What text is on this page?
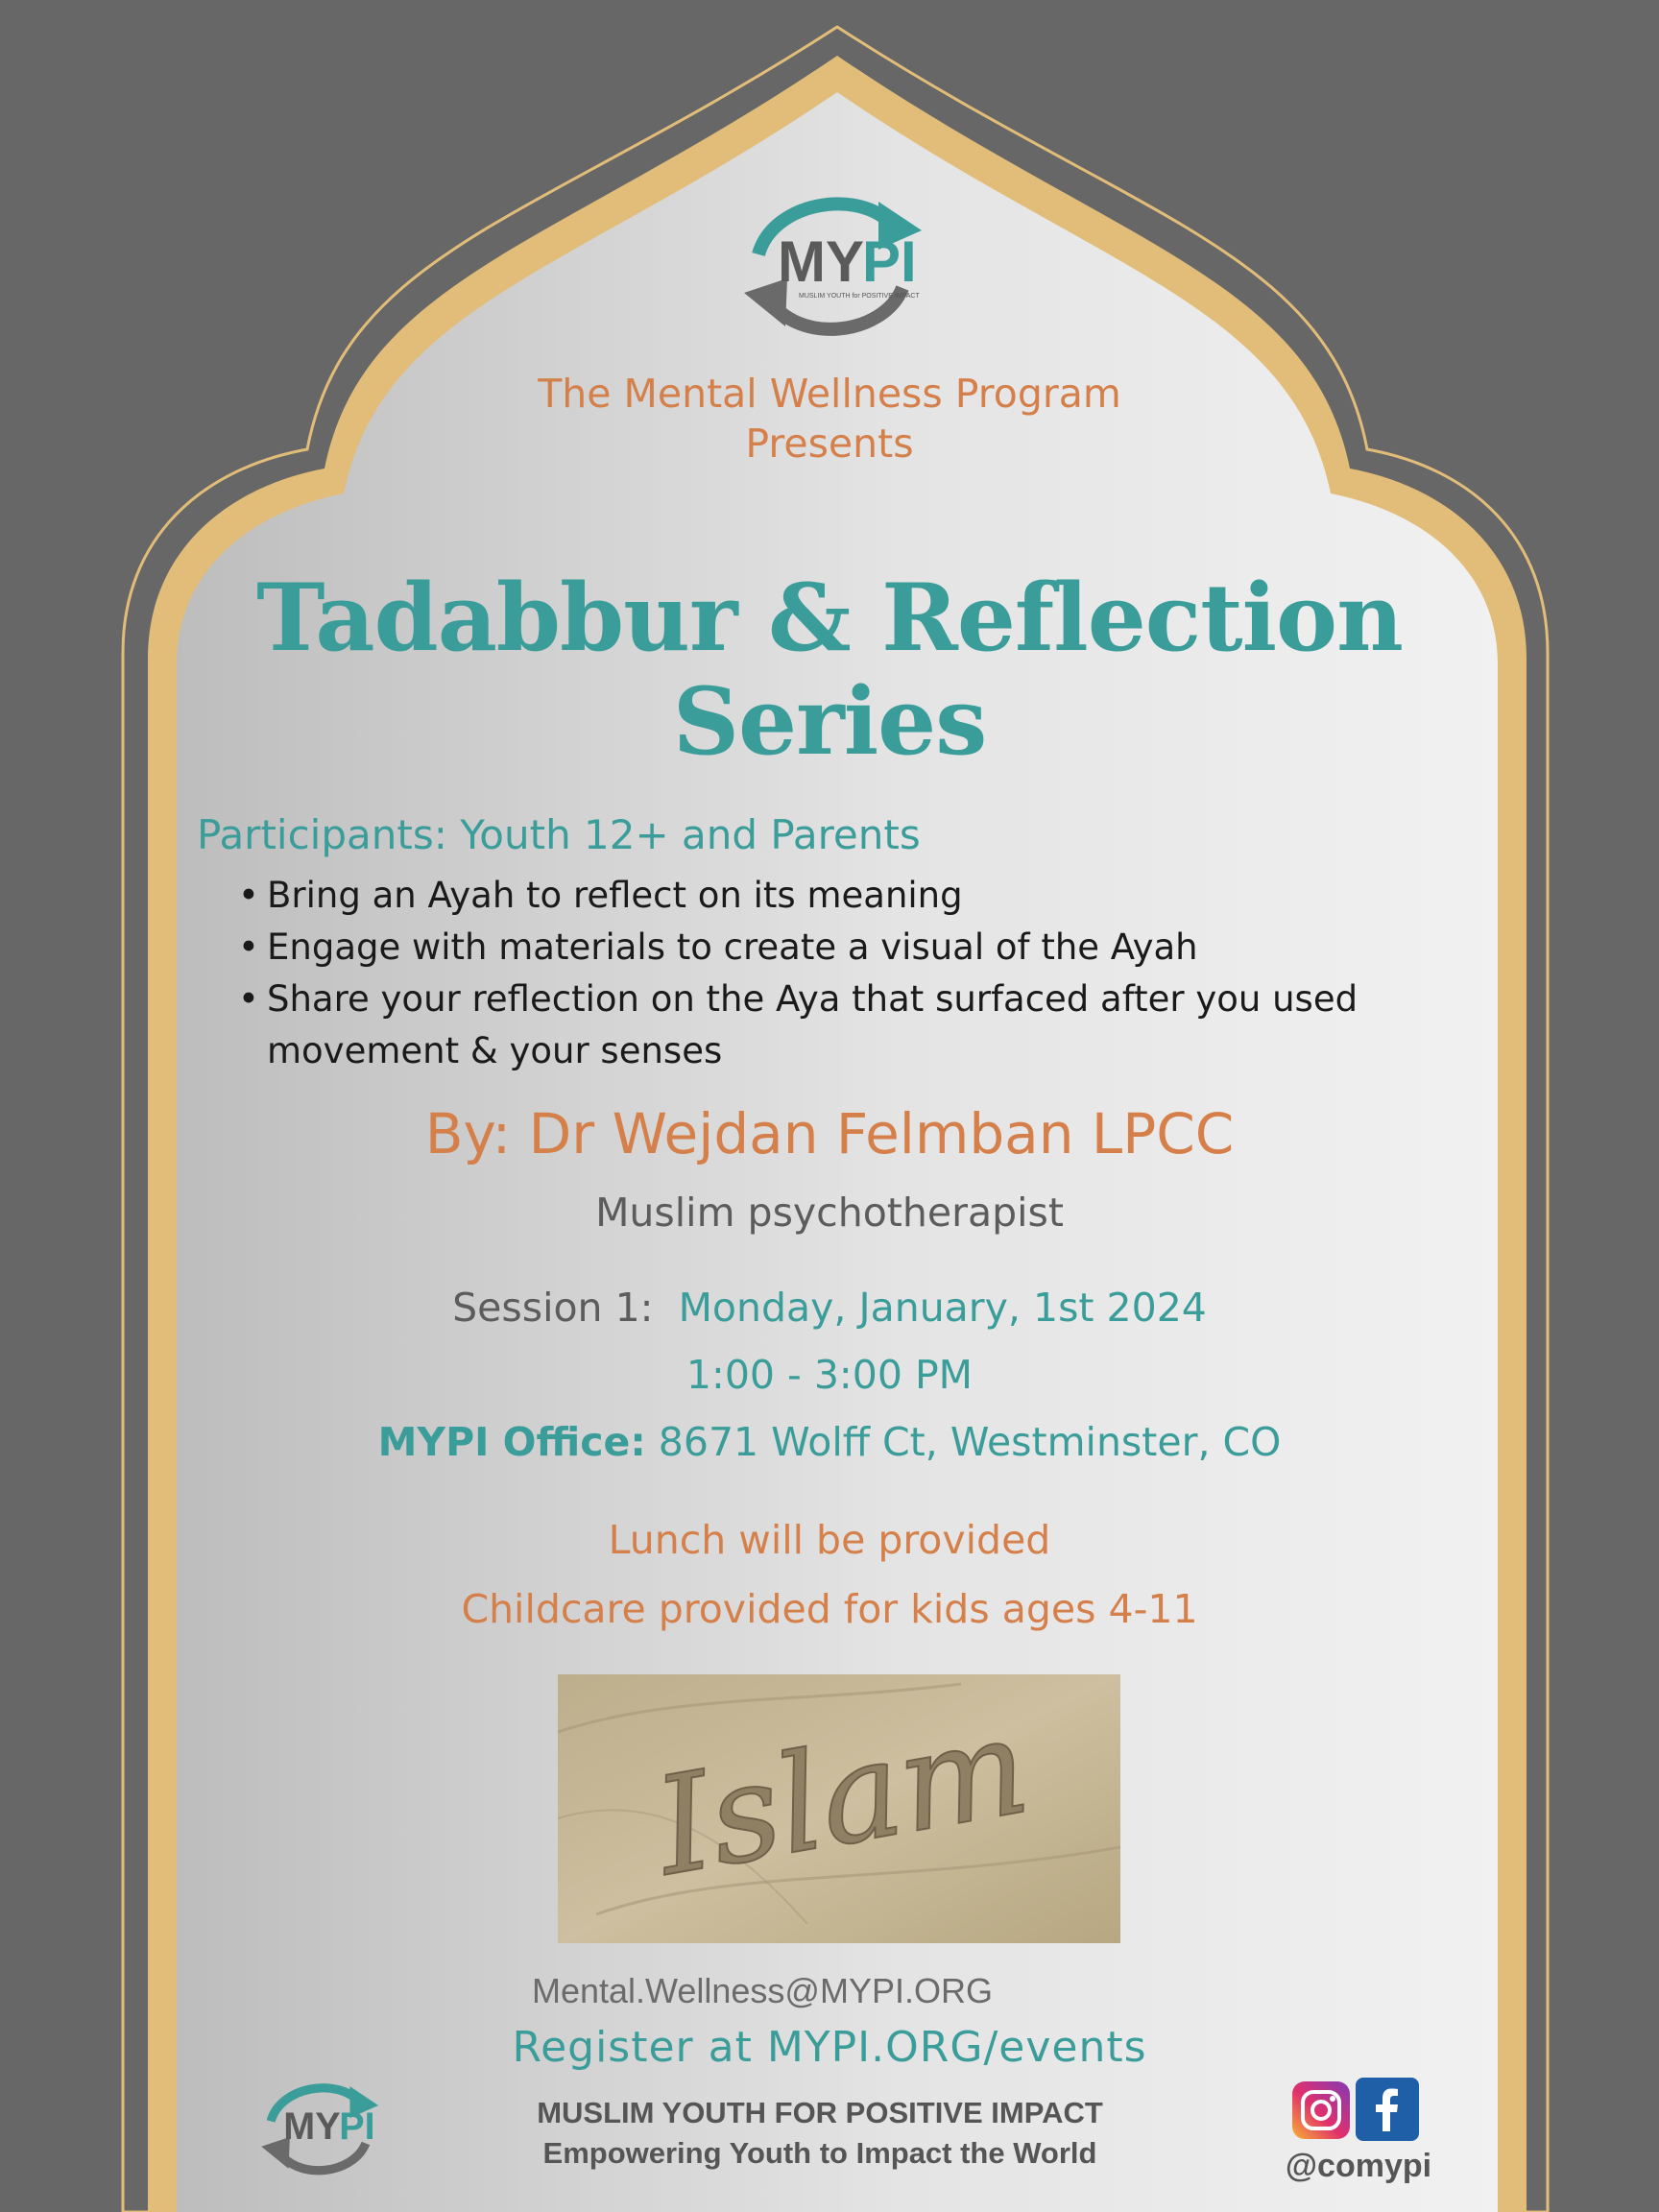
MY
PI
MUSLIM YOUTH for POSITIVE IMPACT
The Mental Wellness Program
Presents
Tadabbur & Reflection
Series
Participants: Youth 12+ and Parents
• Bring an Ayah to reflect on its meaning
• Engage with materials to create a visual of the Ayah
• Share your reflection on the Aya that surfaced after you used movement & your senses
By: Dr Wejdan Felmban LPCC
Muslim psychotherapist
Session 1: Monday, January, 1st 2024
1:00 - 3:00 PM
MYPI Office: 8671 Wolff Ct, Westminster, CO
Lunch will be provided
Childcare provided for kids ages 4-11
Islam
Mental.Wellness@MYPI.ORG
Register at MYPI.ORG/events
MY
PI	MUSLIM YOUTH FOR POSITIVE IMPACT
Empowering Youth to Impact the World	@comypi
